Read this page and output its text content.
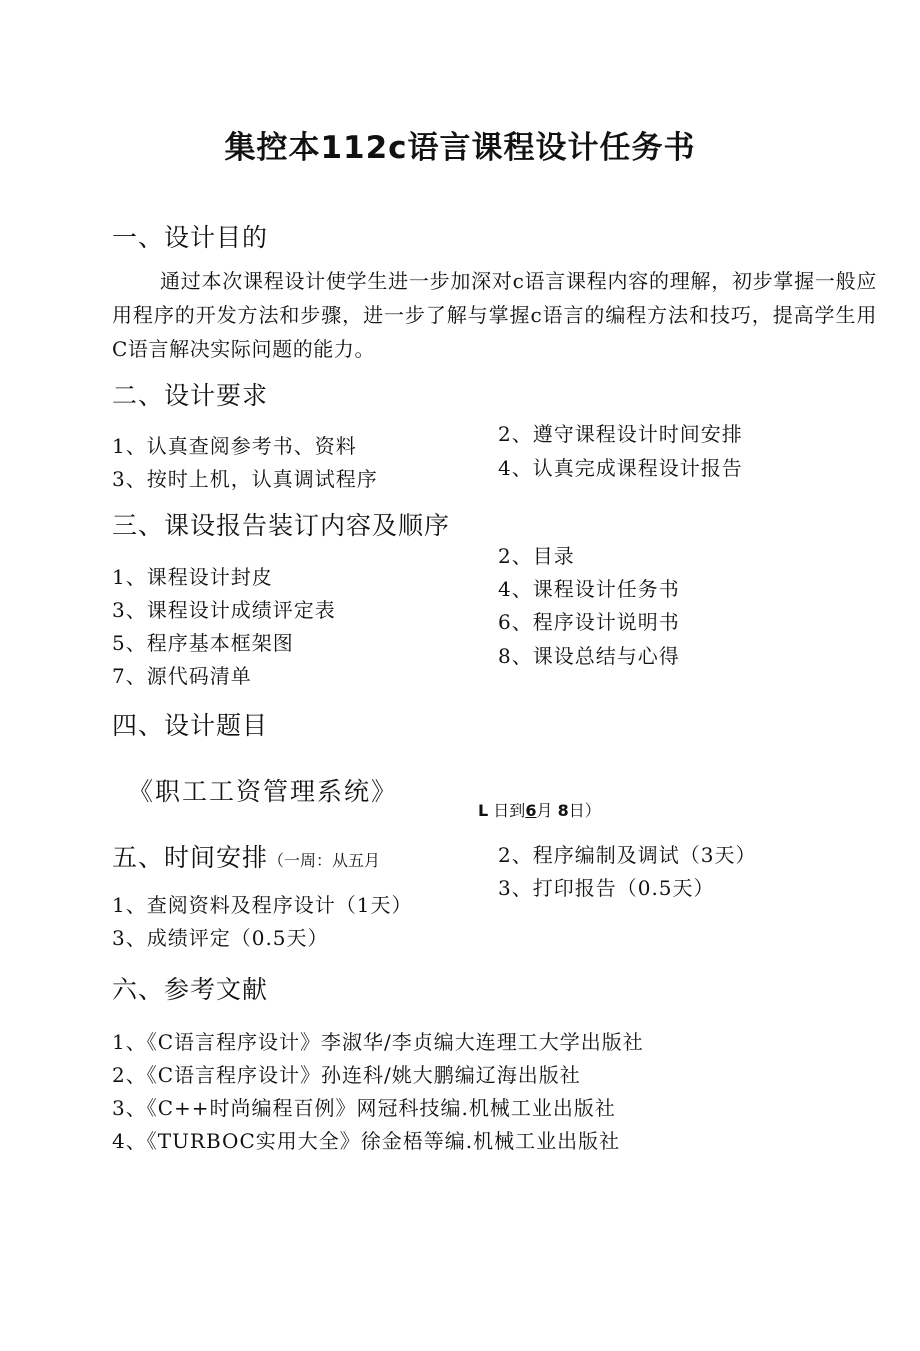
集控本112c语言课程设计任务书
一、设计目的
通过本次课程设计使学生进一步加深对c语言课程内容的理解，初步掌握一般应用程序的开发方法和步骤，进一步了解与掌握c语言的编程方法和技巧，提高学生用C语言解决实际问题的能力。
二、设计要求
1、认真查阅参考书、资料	2、遵守课程设计时间安排
3、按时上机，认真调试程序	4、认真完成课程设计报告
三、课设报告装订内容及顺序
2、目录
1、课程设计封皮	4、课程设计任务书
3、课程设计成绩评定表	6、程序设计说明书
5、程序基本框架图
8、课设总结与心得
7、源代码清单
四、设计题目
《职工工资管理系统》
L 日到6月 8日）
五、时间安排（一周：从五月	2、程序编制及调试（3天）
3、打印报告（0.5天）
1、查阅资料及程序设计（1天）
3、成绩评定（0.5天）
六、参考文献
1、《C语言程序设计》李淑华/李贞编大连理工大学出版社
2、《C语言程序设计》孙连科/姚大鹏编辽海出版社
3、《C++时尚编程百例》网冠科技编.机械工业出版社
4、《TURBOC实用大全》徐金梧等编.机械工业出版社
